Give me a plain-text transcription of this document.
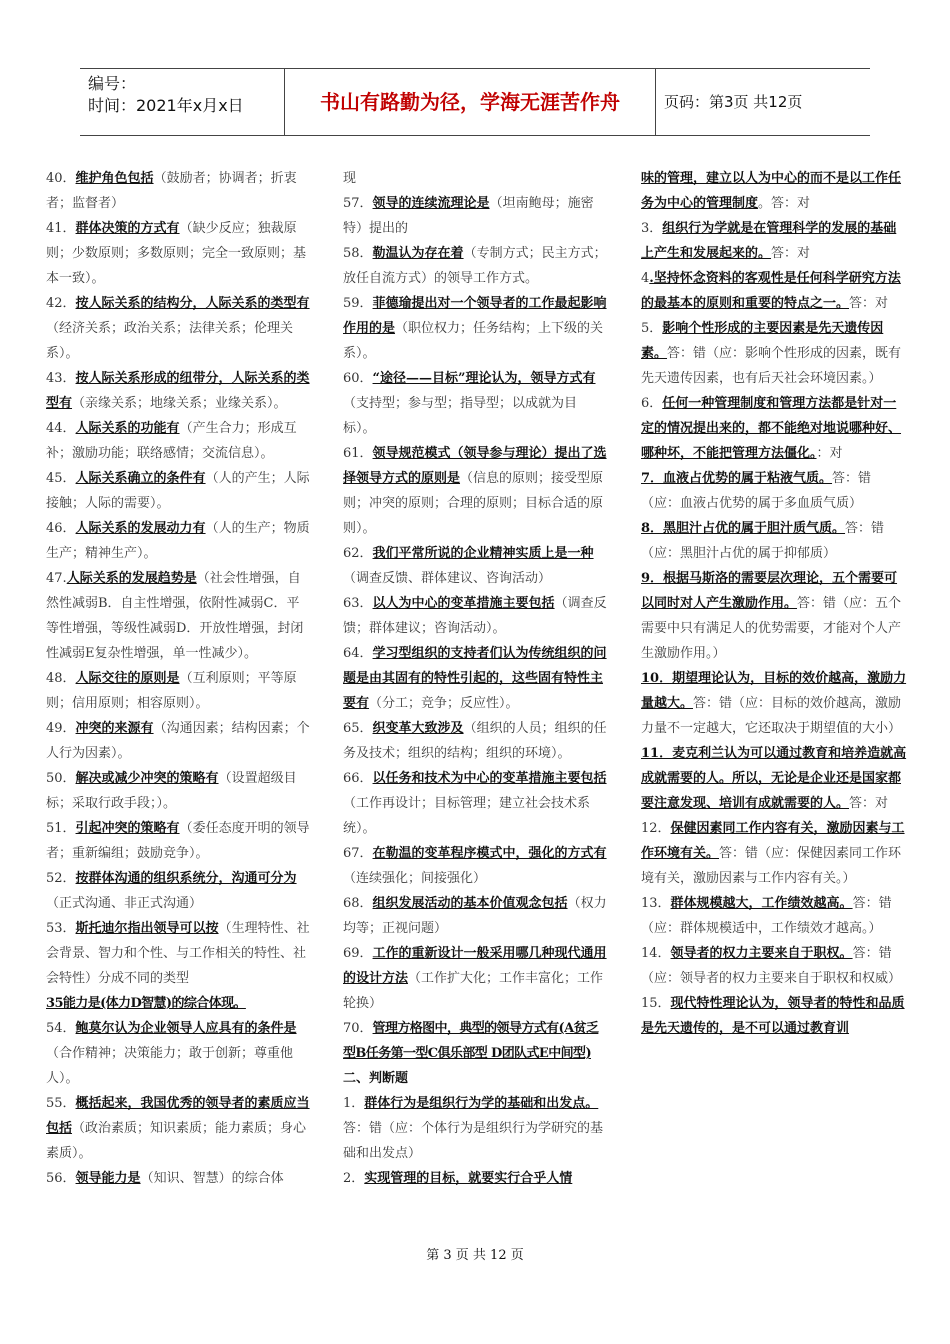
编号：
时间：2021年x月x日	书山有路勤为径，学海无涯苦作舟	页码：第3页 共12页
40．维护角色包括（鼓励者；协调者；折衷者；监督者）
41．群体决策的方式有（缺少反应；独裁原则；少数原则；多数原则；完全一致原则；基本一致）。
42．按人际关系的结构分，人际关系的类型有（经济关系；政治关系；法律关系；伦理关系）。
43．按人际关系形成的纽带分，人际关系的类型有（亲缘关系；地缘关系；业缘关系）。
44．人际关系的功能有（产生合力；形成互补；激励功能；联络感情；交流信息）。
45．人际关系确立的条件有（人的产生；人际接触；人际的需要）。
46．人际关系的发展动力有（人的生产；物质生产；精神生产）。
47.人际关系的发展趋势是（社会性增强，自然性减弱B．自主性增强，依附性减弱C．平等性增强，等级性减弱D．开放性增强，封闭性减弱E复杂性增强，单一性减少）。
48．人际交往的原则是（互利原则；平等原则；信用原则；相容原则）。
49．冲突的来源有（沟通因素；结构因素；个人行为因素）。
50．解决或减少冲突的策略有（设置超级目标；采取行政手段；）。
51．引起冲突的策略有（委任态度开明的领导者；重新编组；鼓励竞争）。
52．按群体沟通的组织系统分，沟通可分为（正式沟通、非正式沟通）
53．斯托迪尔指出领导可以按（生理特性、社会背景、智力和个性、与工作相关的特性、社会特性）分成不同的类型
35能力是(体力D智慧)的综合体现。
54．鲍莫尔认为企业领导人应具有的条件是（合作精神；决策能力；敢于创新；尊重他人）。
55．概括起来，我国优秀的领导者的素质应当包括（政治素质；知识素质；能力素质；身心素质）。
56．领导能力是（知识、智慧）的综合体
现
57．领导的连续流理论是（坦南鲍母；施密特）提出的
58．勒温认为存在着（专制方式；民主方式；放任自流方式）的领导工作方式。
59．菲德瑜提出对一个领导者的工作最起影响作用的是（职位权力；任务结构；上下级的关系）。
60．“途径——目标”理论认为，领导方式有（支持型；参与型；指导型；以成就为目标）。
61．领导规范模式（领导参与理论）提出了选择领导方式的原则是（信息的原则；接受型原则；冲突的原则；合理的原则；目标合适的原则）。
62．我们平常所说的企业精神实质上是一种（调查反馈、群体建议、咨询活动）
63．以人为中心的变革措施主要包括（调查反馈；群体建议；咨询活动）。
64．学习型组织的支持者们认为传统组织的问题是由其固有的特性引起的，这些固有特性主要有（分工；竞争；反应性）。
65．织变革大致涉及（组织的人员；组织的任务及技术；组织的结构；组织的环境）。
66．以任务和技术为中心的变革措施主要包括（工作再设计；目标管理；建立社会技术系统）。
67．在勒温的变革程序模式中，强化的方式有（连续强化；间接强化）
68．组织发展活动的基本价值观念包括（权力均等；正视问题）
69．工作的重新设计一般采用哪几种现代通用的设计方法（工作扩大化；工作丰富化；工作轮换）
70．管理方格图中，典型的领导方式有(A贫乏型B任务第一型C俱乐部型 D团队式E中间型)
二、判断题
1．群体行为是组织行为学的基础和出发点。答：错（应：个体行为是组织行为学研究的基础和出发点）
2．实现管理的目标，就要实行合乎人情
味的管理，建立以人为中心的而不是以工作任务为中心的管理制度。答：对
3．组织行为学就是在管理科学的发展的基础上产生和发展起来的。答：对
4.坚持怀念资料的客观性是任何科学研究方法的最基本的原则和重要的特点之一。答：对
5．影响个性形成的主要因素是先天遗传因素。答：错（应：影响个性形成的因素，既有先天遗传因素，也有后天社会环境因素。）
6．任何一种管理制度和管理方法都是针对一定的情况提出来的，都不能绝对地说哪种好、哪种坏，不能把管理方法僵化。：对
7．血液占优势的属于粘液气质。答：错（应：血液占优势的属于多血质气质）
8．黑胆汁占优的属于胆汁质气质。答：错（应：黑胆汁占优的属于抑郁质）
9．根据马斯洛的需要层次理论，五个需要可以同时对人产生激励作用。答：错（应：五个需要中只有满足人的优势需要，才能对个人产生激励作用。）
10．期望理论认为，目标的效价越高，激励力量越大。答：错（应：目标的效价越高，激励力量不一定越大，它还取决于期望值的大小）
11．麦克利兰认为可以通过教育和培养造就高成就需要的人。所以，无论是企业还是国家都要注意发现、培训有成就需要的人。答：对
12．保健因素同工作内容有关，激励因素与工作环境有关。答：错（应：保健因素同工作环境有关，激励因素与工作内容有关。）
13．群体规模越大，工作绩效越高。答：错（应：群体规模适中，工作绩效才越高。）
14．领导者的权力主要来自于职权。答：错（应：领导者的权力主要来自于职权和权威）
15．现代特性理论认为，领导者的特性和品质是先天遗传的，是不可以通过教育训
第 3 页 共 12 页
